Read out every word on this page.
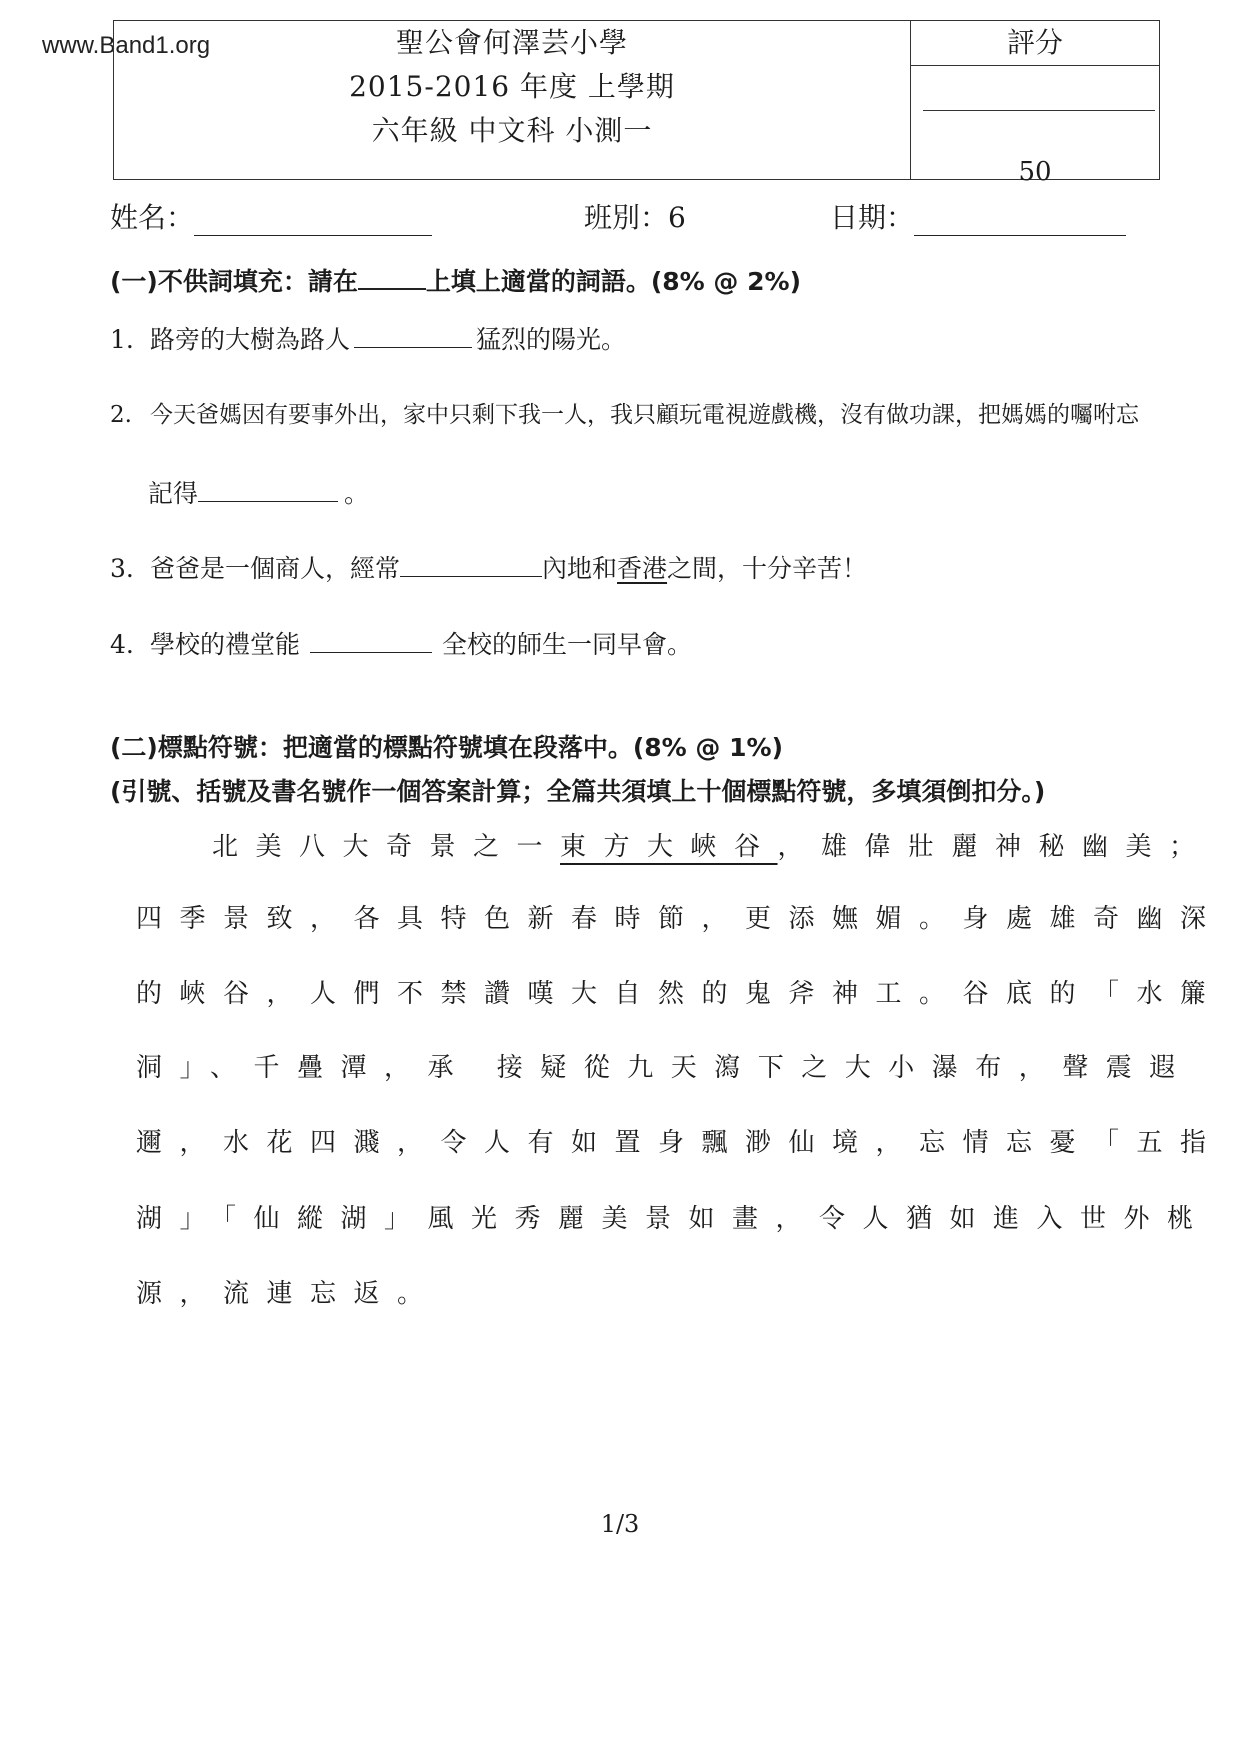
www.Band1.org	聖公會何澤芸小學
2015-2016 年度 上學期
六年級 中文科 小測一
評分
50
姓名：	班別：6	日期：
(一)不供詞填充：請在	上填上適當的詞語。(8% @ 2%)
1. 路旁的大樹為路人	猛烈的陽光。
2. 今天爸媽因有要事外出，家中只剩下我一人，我只顧玩電視遊戲機，沒有做功課，把媽媽的囑咐忘
記得	。
3. 爸爸是一個商人，經常	內地和香港之間，十分辛苦！
4. 學校的禮堂能	全校的師生一同早會。
(二)標點符號：把適當的標點符號填在段落中。(8% @ 1%)
(引號、括號及書名號作一個答案計算；全篇共須填上十個標點符號，多填須倒扣分。)
北美八大奇景之一東方大峽谷，雄偉壯麗神秘幽美；
四季景致，各具特色新春時節，更添嫵媚。身處雄奇幽深
的峽谷，人們不禁讚嘆大自然的鬼斧神工。谷底的「水簾
洞」、千疊潭，承 接疑從九天瀉下之大小瀑布，聲震遐
邇，水花四濺，令人有如置身飄渺仙境，忘情忘憂「五指
湖」「仙縱湖」風光秀麗美景如畫，令人猶如進入世外桃
源，流連忘返。
1/3
